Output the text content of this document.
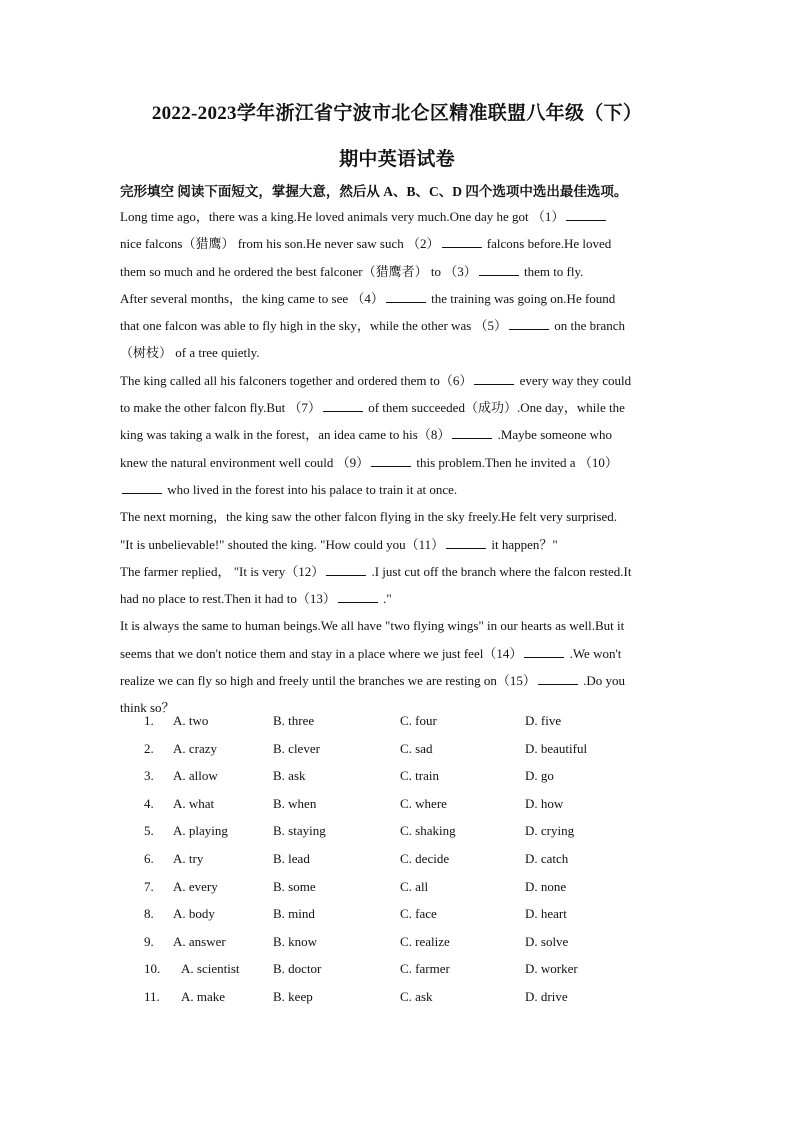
2022-2023学年浙江省宁波市北仑区精准联盟八年级（下）
期中英语试卷
完形填空 阅读下面短文，掌握大意，然后从 A、B、C、D 四个选项中选出最佳选项。
Long time ago，there was a king.He loved animals very much.One day he got （1）
nice falcons（猎鹰） from his son.He never saw such （2）	falcons before.He loved
them so much and he ordered the best falconer（猎鹰者） to （3）	them to fly.
After several months，the king came to see （4）	the training was going on.He found
that one falcon was able to fly high in the sky，while the other was （5）	on the branch
（树枝） of a tree quietly.
The king called all his falconers together and ordered them to（6）	every way they could
to make the other falcon fly.But （7）	of them succeeded（成功）.One day，while the
king was taking a walk in the forest，an idea came to his（8）	.Maybe someone who
knew the natural environment well could （9）	this problem.Then he invited a （10）
who lived in the forest into his palace to train it at once.
The next morning，the king saw the other falcon flying in the sky freely.He felt very surprised.
"It is unbelievable!" shouted the king. "How could you（11）	it happen？"
The farmer replied， "It is very（12）	.I just cut off the branch where the falcon rested.It
had no place to rest.Then it had to（13）	."
It is always the same to human beings.We all have "two flying wings" in our hearts as well.But it
seems that we don't notice them and stay in a place where we just feel（14）	.We won't
realize we can fly so high and freely until the branches we are resting on（15）	.Do you
think so？
1. A. two	B. three	C. four	D. five
2. A. crazy	B. clever	C. sad	D. beautiful
3. A. allow	B. ask	C. train	D. go
4. A. what	B. when	C. where	D. how
5. A. playing	B. staying	C. shaking	D. crying
6. A. try	B. lead	C. decide	D. catch
7. A. every	B. some	C. all	D. none
8. A. body	B. mind	C. face	D. heart
9. A. answer	B. know	C. realize	D. solve
10. A. scientist	B. doctor	C. farmer	D. worker
11. A. make	B. keep	C. ask	D. drive
